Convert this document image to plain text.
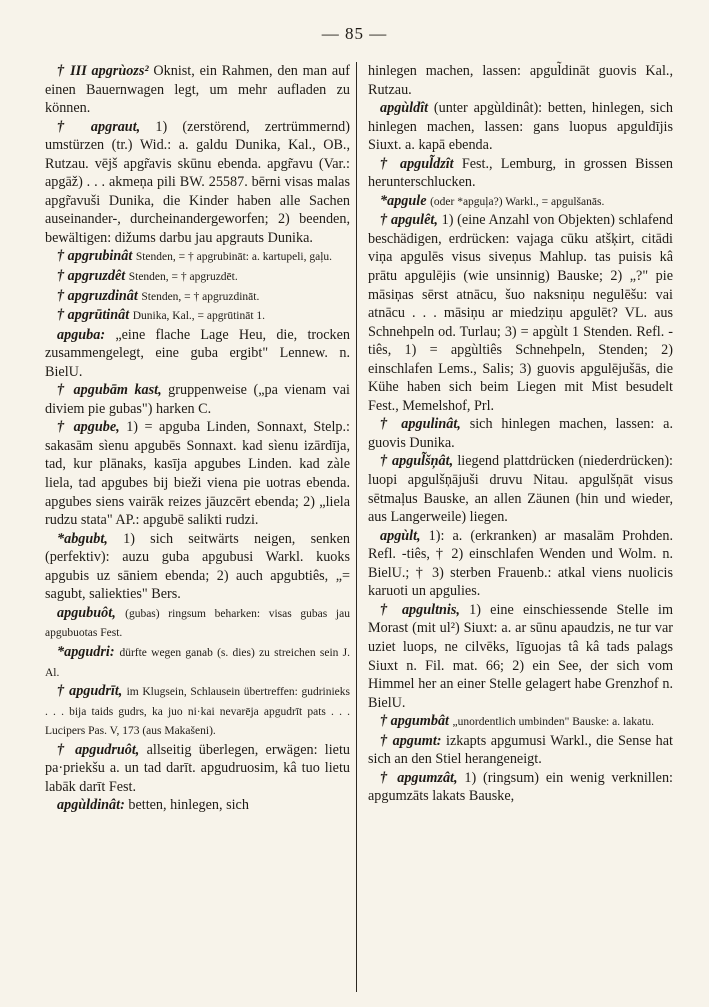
— 85 —

† III apgrùozs² Oknist, ein Rahmen, den man auf einen Bauernwagen legt, um mehr aufladen zu können.

† apgraut, 1) (zerstörend, zertrümmernd) umstürzen (tr.) Wid.: a. galdu Dunika, Kal., OB., Rutzau. vējš apgr̃avis skūnu ebenda. apgr̃avu (Var.: apgāž) . . . akmeņa pili BW. 25587. bērni visas malas apgr̃avuši Dunika, die Kinder haben alle Sachen auseinander-, durcheinandergeworfen; 2) beenden, bewältigen: dižums darbu jau apgrauts Dunika.

† apgrubinât Stenden, = † apgrubināt: a. kartupeli, gaļu.

† apgruzdêt Stenden, = † apgruzdēt.

† apgruzdinât Stenden, = † apgruzdināt.

† apgrūtinât Dunika, Kal., = apgrūtināt 1.

apguba: „eine flache Lage Heu, die, trocken zusammengelegt, eine guba ergibt" Lennew. n. BielU.

† apgubām kast, gruppenweise („pa vienam vai diviem pie gubas") harken C.

† apgube, 1) = apguba Linden, Sonnaxt, Stelp.: sakasām sìenu apgubēs Sonnaxt. kad sìenu izārdīja, tad, kur plānaks, kasīja apgubes Linden. kad zàle liela, tad apgubes bij bieži viena pie uotras ebenda. apgubes siens vairāk reizes jāuzcērt ebenda; 2) „liela rudzu stata" AP.: apgubē salikti rudzi.

*abgubt, 1) sich seitwärts neigen, senken (perfektiv): auzu guba apgubusi Warkl. kuoks apgubis uz sāniem ebenda; 2) auch apgubtiês, „= sagubt, saliekties" Bers.

apgubuôt, (gubas) ringsum beharken: visas gubas jau apgubuotas Fest.

*apgudri: dürfte wegen ganab (s. dies) zu streichen sein J. Al.

† apgudrīt, im Klugsein, Schlausein übertreffen: gudrinieks . . . bija taids gudrs, ka juo ni·kai nevarēja apgudrīt pats . . . Lucipers Pas. V, 173 (aus Makašeni).

† apgudruôt, allseitig überlegen, erwägen: lietu pa·priekšu a. un tad darīt. apgudruosim, kâ tuo lietu labāk darīt Fest.

apgùldinât: betten, hinlegen, sich

hinlegen machen, lassen: apgul̃dināt guovis Kal., Rutzau.

apgùldît (unter apgùldinât): betten, hinlegen, sich hinlegen machen, lassen: gans luopus apguldījis Siuxt. a. kapā ebenda.

† apgul̃dzît Fest., Lemburg, in grossen Bissen herunterschlucken.

*apgule (oder *apguļa?) Warkl., = apgulšanās.

† apgulêt, 1) (eine Anzahl von Objekten) schlafend beschädigen, erdrücken: vajaga cūku atšķirt, citādi viņa apgulēs visus siveņus Mahlup. tas puisis kâ prātu apgulējis (wie unsinnig) Bauske; 2) „?" pie māsiņas sērst atnācu, šuo naksniņu negulēšu: vai atnācu . . . māsiņu ar miedziņu apgulēt? VL. aus Schnehpeln od. Turlau; 3) = apgùlt 1 Stenden. Refl. -tiês, 1) = apgùltiês Schnehpeln, Stenden; 2) einschlafen Lems., Salis; 3) guovis apgulējušās, die Kühe haben sich beim Liegen mit Mist besudelt Fest., Memelshof, Prl.

† apgulinât, sich hinlegen machen, lassen: a. guovis Dunika.

† apgul̃šņât, liegend plattdrücken (niederdrücken): luopi apgulšņājuši druvu Nitau. apgulšņāt visus sētmaļus Bauske, an allen Zäunen (hin und wieder, aus Langerweile) liegen.

apgùlt, 1): a. (erkranken) ar masalām Prohden. Refl. -tiês, † 2) einschlafen Wenden und Wolm. n. BielU.; † 3) sterben Frauenb.: atkal viens nuolicis karuoti un apgulies.

† apgultnis, 1) eine einschiessende Stelle im Morast (mit ul²) Siuxt: a. ar sūnu apaudzis, ne tur var uziet luops, ne cilvēks, līguojas tâ kâ tads palags Siuxt n. Fil. mat. 66; 2) ein See, der sich vom Himmel her an einer Stelle gelagert habe Grenzhof n. BielU.

† apgumbât „unordentlich umbinden" Bauske: a. lakatu.

† apgumt: izkapts apgumusi Warkl., die Sense hat sich an den Stiel herangeneigt.

† apgumzât, 1) (ringsum) ein wenig verknillen: apgumzāts lakats Bauske,
